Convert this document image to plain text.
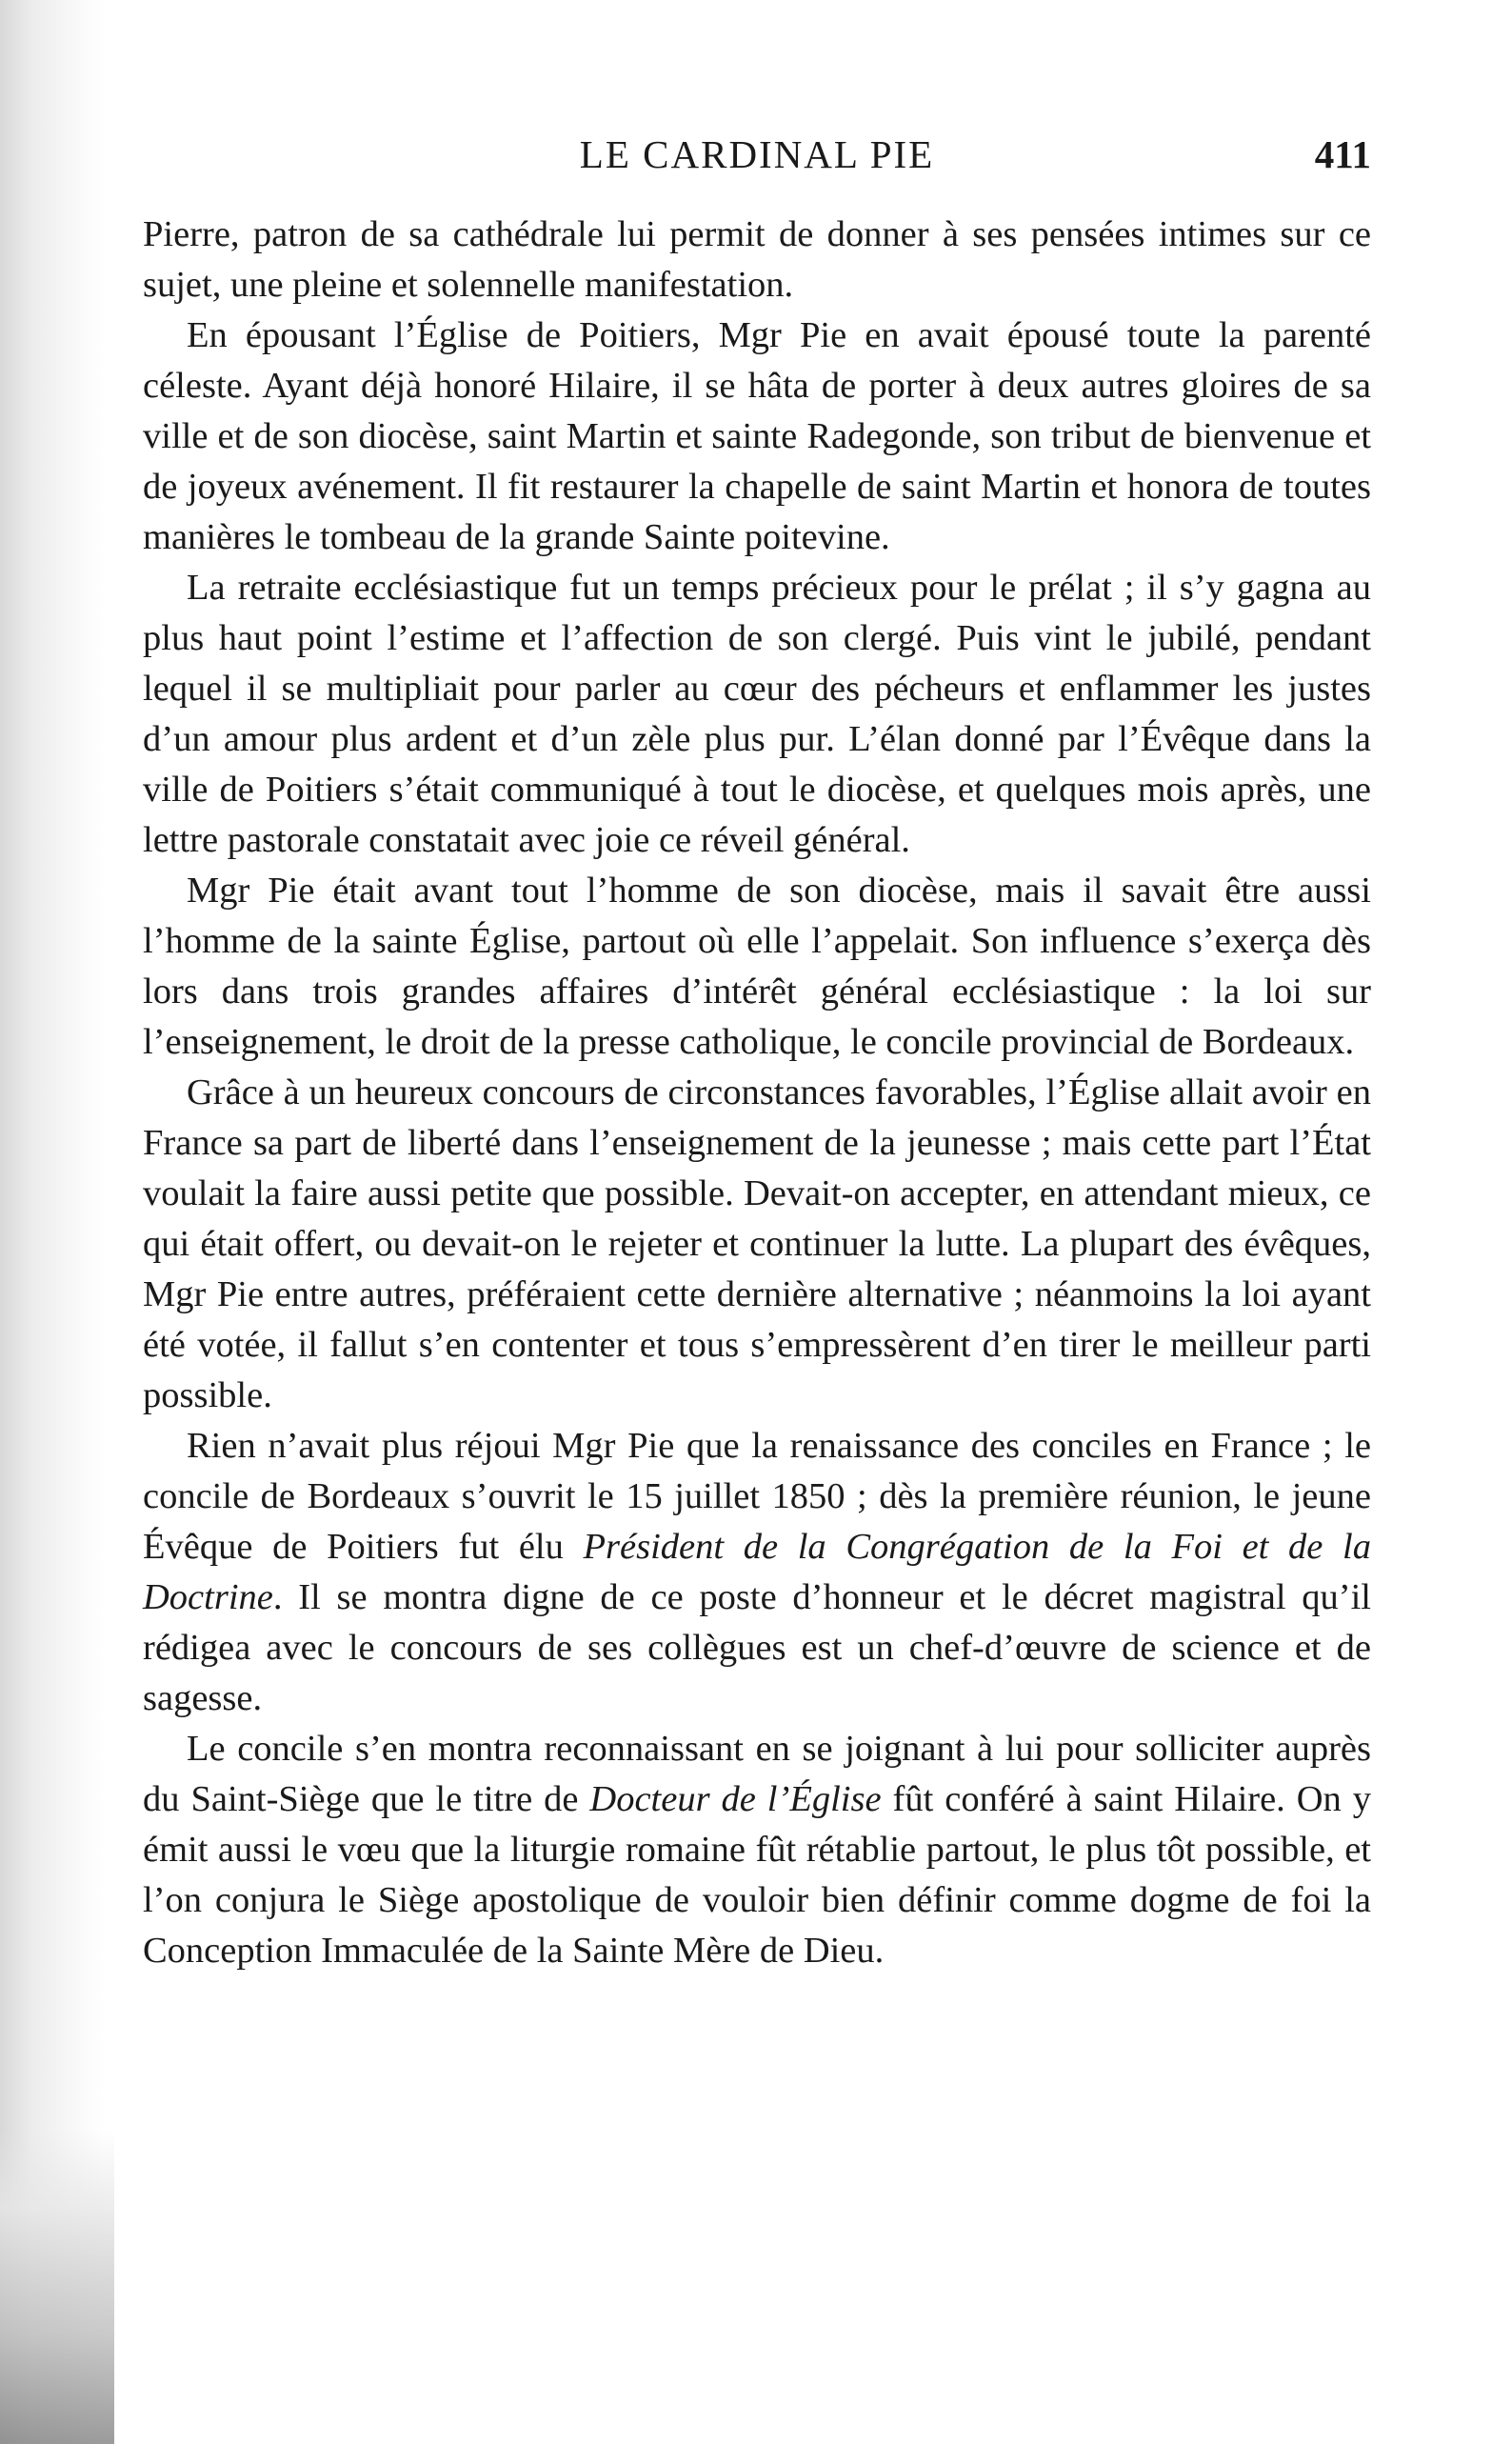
LE CARDINAL PIE	411

Pierre, patron de sa cathédrale lui permit de donner à ses pensées intimes sur ce sujet, une pleine et solennelle manifestation.

En épousant l’Église de Poitiers, Mgr Pie en avait épousé toute la parenté céleste. Ayant déjà honoré Hilaire, il se hâta de porter à deux autres gloires de sa ville et de son diocèse, saint Martin et sainte Radegonde, son tribut de bienvenue et de joyeux avénement. Il fit restaurer la chapelle de saint Martin et honora de toutes manières le tombeau de la grande Sainte poitevine.

La retraite ecclésiastique fut un temps précieux pour le prélat ; il s’y gagna au plus haut point l’estime et l’affection de son clergé. Puis vint le jubilé, pendant lequel il se multipliait pour parler au cœur des pécheurs et enflammer les justes d’un amour plus ardent et d’un zèle plus pur. L’élan donné par l’Évêque dans la ville de Poitiers s’était communiqué à tout le diocèse, et quelques mois après, une lettre pastorale constatait avec joie ce réveil général.

Mgr Pie était avant tout l’homme de son diocèse, mais il savait être aussi l’homme de la sainte Église, partout où elle l’appelait. Son influence s’exerça dès lors dans trois grandes affaires d’intérêt général ecclésiastique : la loi sur l’enseignement, le droit de la presse catholique, le concile provincial de Bordeaux.

Grâce à un heureux concours de circonstances favorables, l’Église allait avoir en France sa part de liberté dans l’enseignement de la jeunesse ; mais cette part l’État voulait la faire aussi petite que possible. Devait-on accepter, en attendant mieux, ce qui était offert, ou devait-on le rejeter et continuer la lutte. La plupart des évêques, Mgr Pie entre autres, préféraient cette dernière alternative ; néanmoins la loi ayant été votée, il fallut s’en contenter et tous s’empressèrent d’en tirer le meilleur parti possible.

Rien n’avait plus réjoui Mgr Pie que la renaissance des conciles en France ; le concile de Bordeaux s’ouvrit le 15 juillet 1850 ; dès la première réunion, le jeune Évêque de Poitiers fut élu Président de la Congrégation de la Foi et de la Doctrine. Il se montra digne de ce poste d’honneur et le décret magistral qu’il rédigea avec le concours de ses collègues est un chef-d’œuvre de science et de sagesse.

Le concile s’en montra reconnaissant en se joignant à lui pour solliciter auprès du Saint-Siège que le titre de Docteur de l’Église fût conféré à saint Hilaire. On y émit aussi le vœu que la liturgie romaine fût rétablie partout, le plus tôt possible, et l’on conjura le Siège apostolique de vouloir bien définir comme dogme de foi la Conception Immaculée de la Sainte Mère de Dieu.
